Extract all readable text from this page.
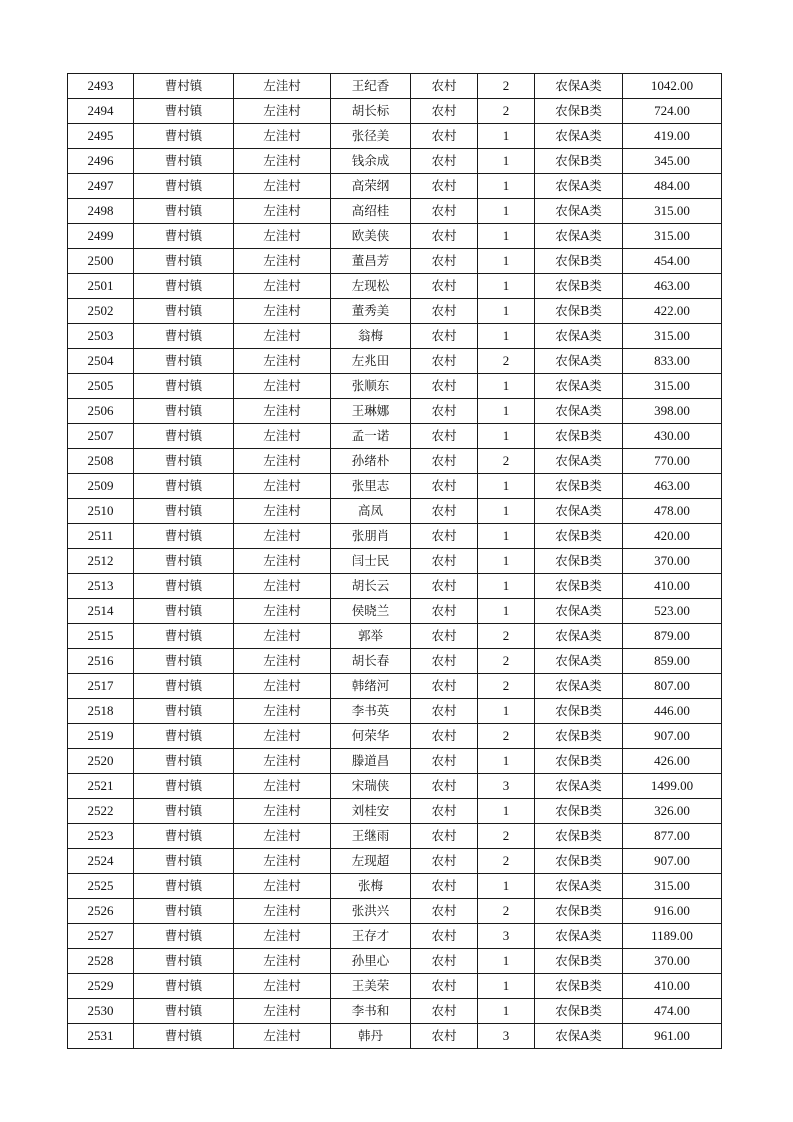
2493	曹村镇	左洼村	王纪香	农村	2	农保A类	1042.00
2494	曹村镇	左洼村	胡长标	农村	2	农保B类	724.00
2495	曹村镇	左洼村	张径美	农村	1	农保A类	419.00
2496	曹村镇	左洼村	钱余成	农村	1	农保B类	345.00
2497	曹村镇	左洼村	高荣纲	农村	1	农保A类	484.00
2498	曹村镇	左洼村	高绍桂	农村	1	农保A类	315.00
2499	曹村镇	左洼村	欧美侠	农村	1	农保A类	315.00
2500	曹村镇	左洼村	董昌芳	农村	1	农保B类	454.00
2501	曹村镇	左洼村	左现松	农村	1	农保B类	463.00
2502	曹村镇	左洼村	董秀美	农村	1	农保B类	422.00
2503	曹村镇	左洼村	翁梅	农村	1	农保A类	315.00
2504	曹村镇	左洼村	左兆田	农村	2	农保A类	833.00
2505	曹村镇	左洼村	张顺东	农村	1	农保A类	315.00
2506	曹村镇	左洼村	王琳娜	农村	1	农保A类	398.00
2507	曹村镇	左洼村	孟一诺	农村	1	农保B类	430.00
2508	曹村镇	左洼村	孙绪朴	农村	2	农保A类	770.00
2509	曹村镇	左洼村	张里志	农村	1	农保B类	463.00
2510	曹村镇	左洼村	高凤	农村	1	农保A类	478.00
2511	曹村镇	左洼村	张朋肖	农村	1	农保B类	420.00
2512	曹村镇	左洼村	闫士民	农村	1	农保B类	370.00
2513	曹村镇	左洼村	胡长云	农村	1	农保B类	410.00
2514	曹村镇	左洼村	侯晓兰	农村	1	农保A类	523.00
2515	曹村镇	左洼村	郭举	农村	2	农保A类	879.00
2516	曹村镇	左洼村	胡长春	农村	2	农保A类	859.00
2517	曹村镇	左洼村	韩绪河	农村	2	农保A类	807.00
2518	曹村镇	左洼村	李书英	农村	1	农保B类	446.00
2519	曹村镇	左洼村	何荣华	农村	2	农保B类	907.00
2520	曹村镇	左洼村	滕道昌	农村	1	农保B类	426.00
2521	曹村镇	左洼村	宋瑞侠	农村	3	农保A类	1499.00
2522	曹村镇	左洼村	刘桂安	农村	1	农保B类	326.00
2523	曹村镇	左洼村	王继雨	农村	2	农保B类	877.00
2524	曹村镇	左洼村	左现超	农村	2	农保B类	907.00
2525	曹村镇	左洼村	张梅	农村	1	农保A类	315.00
2526	曹村镇	左洼村	张洪兴	农村	2	农保B类	916.00
2527	曹村镇	左洼村	王存才	农村	3	农保A类	1189.00
2528	曹村镇	左洼村	孙里心	农村	1	农保B类	370.00
2529	曹村镇	左洼村	王美荣	农村	1	农保B类	410.00
2530	曹村镇	左洼村	李书和	农村	1	农保B类	474.00
2531	曹村镇	左洼村	韩丹	农村	3	农保A类	961.00
